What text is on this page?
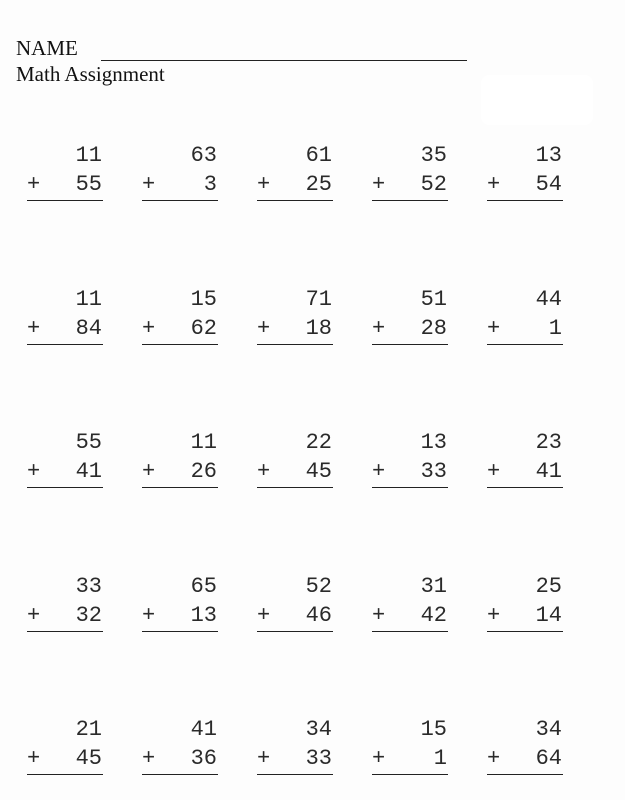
NAME
Math Assignment
11
+ 55
63
+ 3
61
+ 25
35
+ 52
13
+ 54
11
+ 84
15
+ 62
71
+ 18
51
+ 28
44
+ 1
55
+ 41
11
+ 26
22
+ 45
13
+ 33
23
+ 41
33
+ 32
65
+ 13
52
+ 46
31
+ 42
25
+ 14
21
+ 45
41
+ 36
34
+ 33
15
+ 1
34
+ 64
